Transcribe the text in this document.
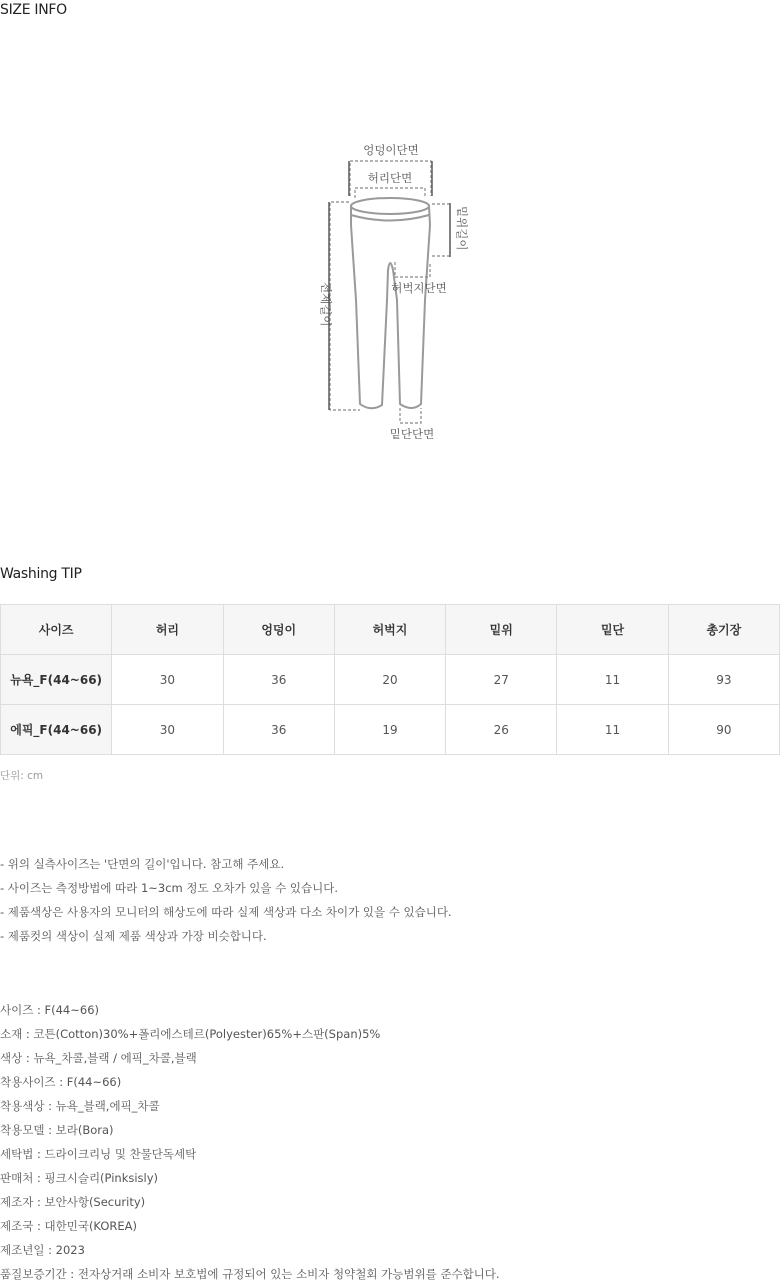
SIZE INFO
엉덩이단면
허리단면
밑위길이
전체길이	허벅지단면
밑단단면
Washing TIP
사이즈	허리	엉덩이	허벅지	밑위	밑단	총기장
뉴욕_F(44~66)	30	36	20	27	11	93
에픽_F(44~66)	30	36	19	26	11	90
단위: cm
- 위의 실측사이즈는 '단면의 길이'입니다. 참고해 주세요.
- 사이즈는 측정방법에 따라 1~3cm 정도 오차가 있을 수 있습니다.
- 제품색상은 사용자의 모니터의 해상도에 따라 실제 색상과 다소 차이가 있을 수 있습니다.
- 제품컷의 색상이 실제 제품 색상과 가장 비슷합니다.
사이즈 : F(44~66)
소재 : 코튼(Cotton)30%+폴리에스테르(Polyester)65%+스판(Span)5%
색상 : 뉴욕_차콜,블랙 / 에픽_차콜,블랙
착용사이즈 : F(44~66)
착용색상 : 뉴욕_블랙,에픽_차콜
착용모델 : 보라(Bora)
세탁법 : 드라이크리닝 및 찬물단독세탁
판매처 : 핑크시슬리(Pinksisly)
제조자 : 보안사항(Security)
제조국 : 대한민국(KOREA)
제조년일 : 2023
품질보증기간 : 전자상거래 소비자 보호법에 규정되어 있는 소비자 청약철회 가능범위를 준수합니다.
